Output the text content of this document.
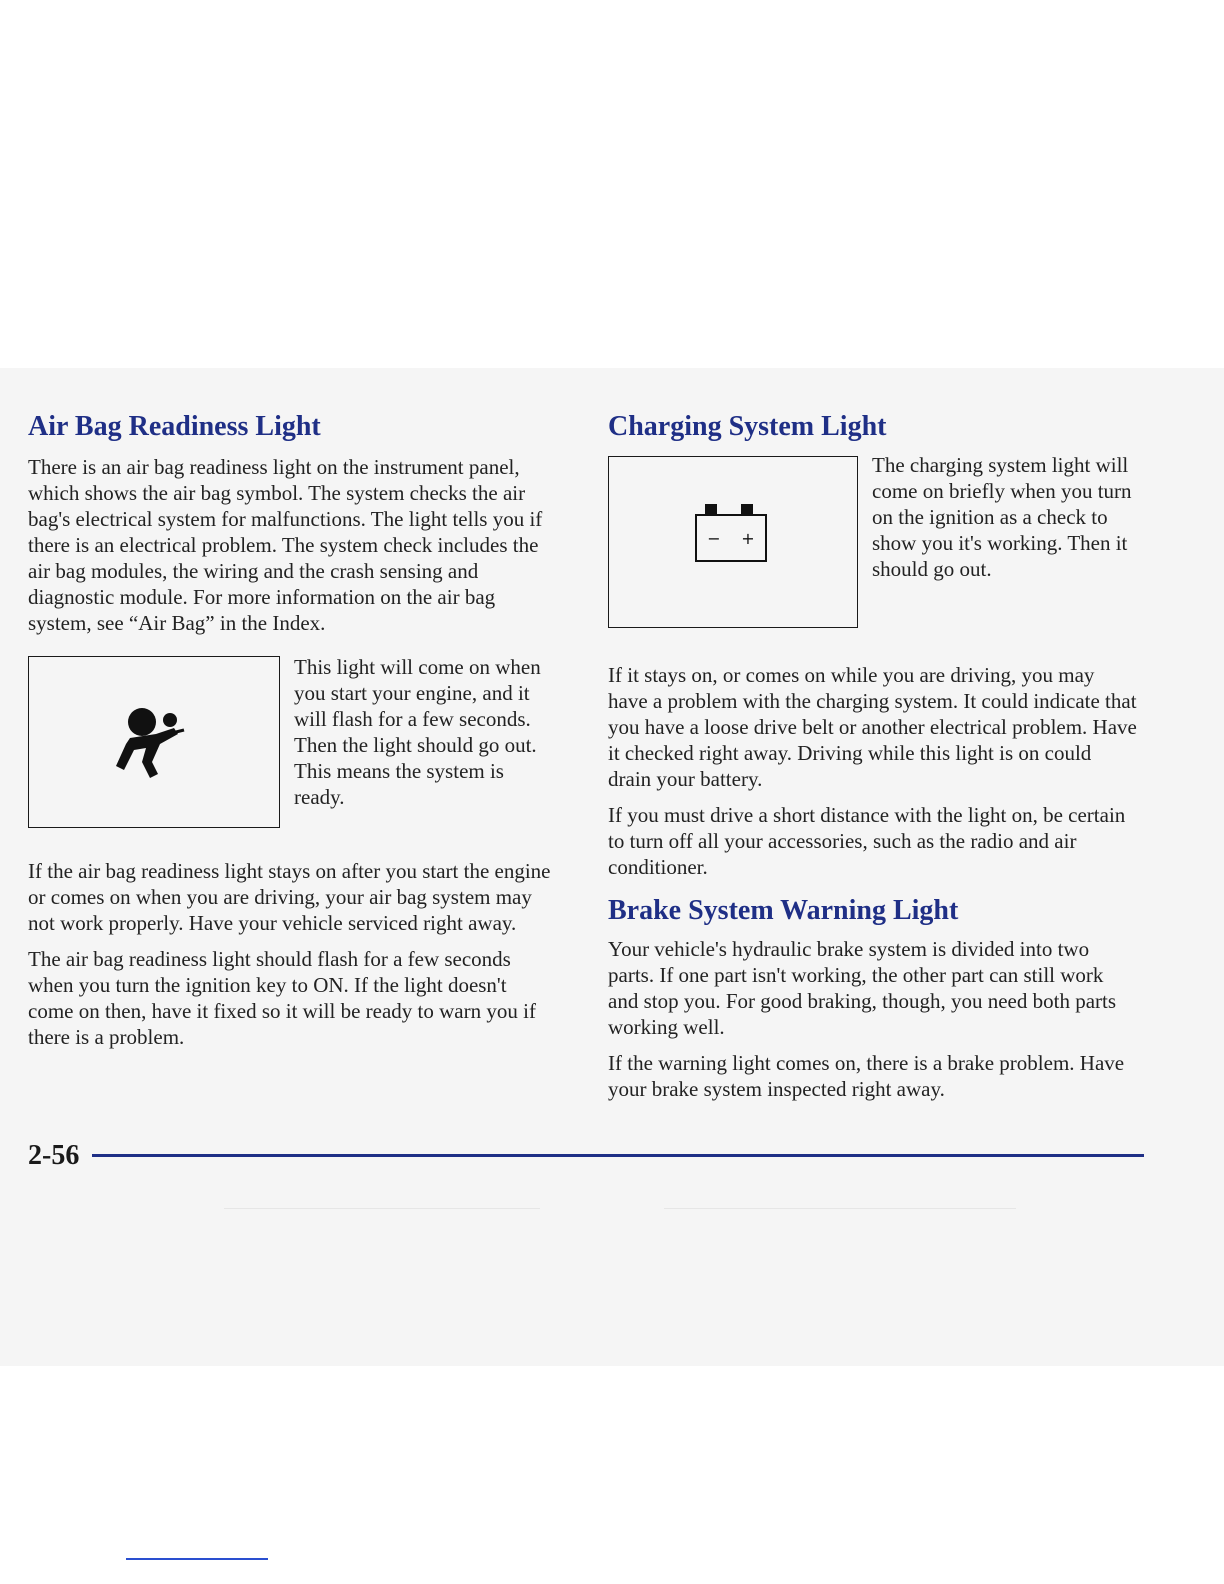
Air Bag Readiness Light

There is an air bag readiness light on the instrument panel, which shows the air bag symbol. The system checks the air bag's electrical system for malfunctions. The light tells you if there is an electrical problem. The system check includes the air bag modules, the wiring and the crash sensing and diagnostic module. For more information on the air bag system, see “Air Bag” in the Index.

This light will come on when you start your engine, and it will flash for a few seconds. Then the light should go out. This means the system is ready.

If the air bag readiness light stays on after you start the engine or comes on when you are driving, your air bag system may not work properly. Have your vehicle serviced right away.

The air bag readiness light should flash for a few seconds when you turn the ignition key to ON. If the light doesn't come on then, have it fixed so it will be ready to warn you if there is a problem.

Charging System Light
− +

The charging system light will come on briefly when you turn on the ignition as a check to show you it's working. Then it should go out.

If it stays on, or comes on while you are driving, you may have a problem with the charging system. It could indicate that you have a loose drive belt or another electrical problem. Have it checked right away. Driving while this light is on could drain your battery.

If you must drive a short distance with the light on, be certain to turn off all your accessories, such as the radio and air conditioner.

Brake System Warning Light

Your vehicle's hydraulic brake system is divided into two parts. If one part isn't working, the other part can still work and stop you. For good braking, though, you need both parts working well.

If the warning light comes on, there is a brake problem. Have your brake system inspected right away.

2-56
